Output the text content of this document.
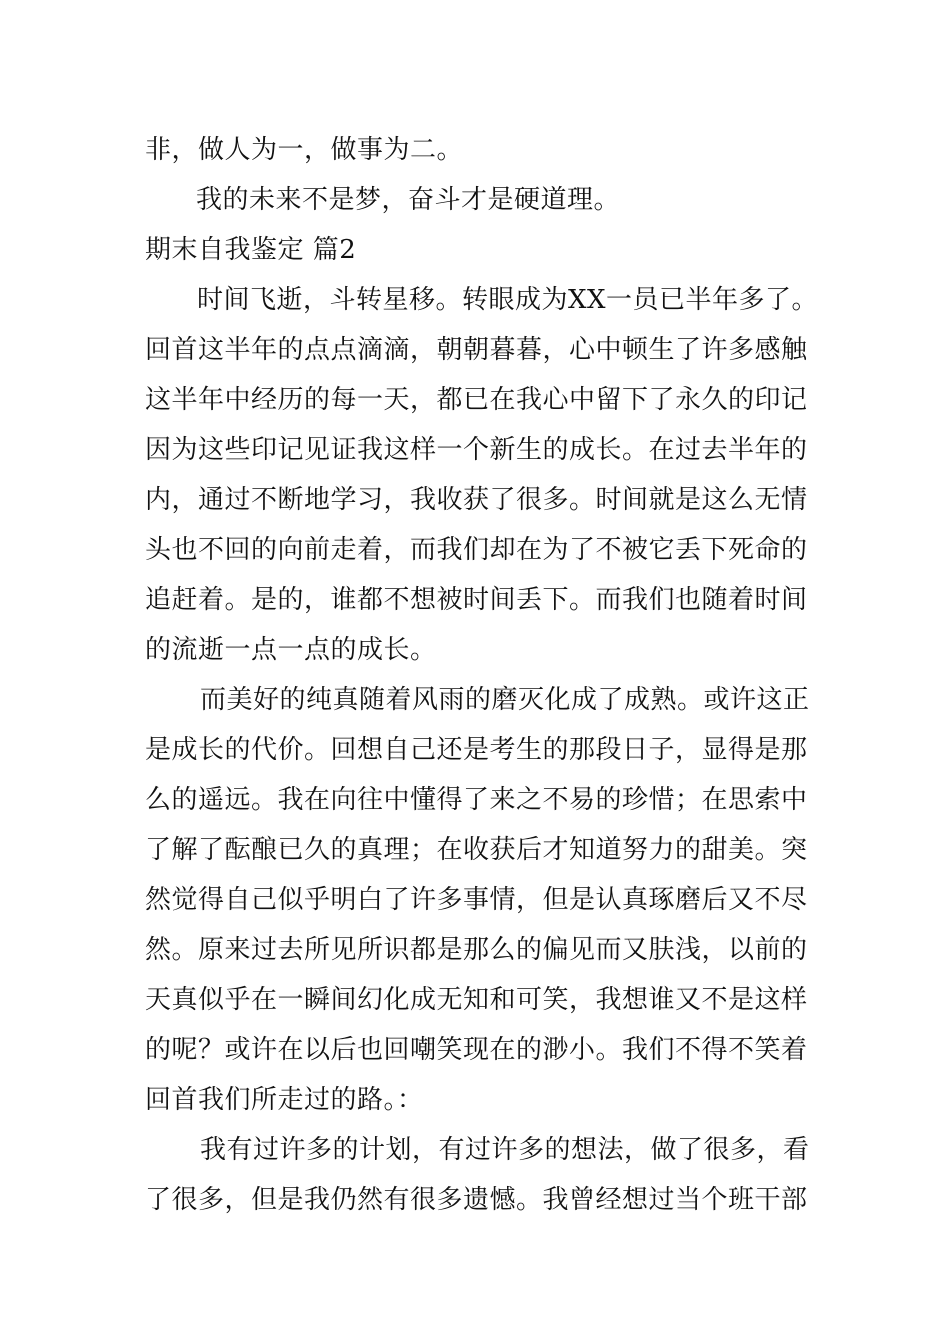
非，做人为一，做事为二。
我的未来不是梦，奋斗才是硬道理。
期末自我鉴定 篇2
时间飞逝，斗转星移。转眼成为XX一员已半年多了。
回首这半年的点点滴滴，朝朝暮暮，心中顿生了许多感触
这半年中经历的每一天，都已在我心中留下了永久的印记
因为这些印记见证我这样一个新生的成长。在过去半年的
内，通过不断地学习，我收获了很多。时间就是这么无情
头也不回的向前走着，而我们却在为了不被它丢下死命的
追赶着。是的，谁都不想被时间丢下。而我们也随着时间
的流逝一点一点的成长。
而美好的纯真随着风雨的磨灭化成了成熟。或许这正
是成长的代价。回想自己还是考生的那段日子，显得是那
么的遥远。我在向往中懂得了来之不易的珍惜；在思索中
了解了酝酿已久的真理；在收获后才知道努力的甜美。突
然觉得自己似乎明白了许多事情，但是认真琢磨后又不尽
然。原来过去所见所识都是那么的偏见而又肤浅，以前的
天真似乎在一瞬间幻化成无知和可笑，我想谁又不是这样
的呢？或许在以后也回嘲笑现在的渺小。我们不得不笑着
回首我们所走过的路。：
我有过许多的计划，有过许多的想法，做了很多，看
了很多，但是我仍然有很多遗憾。我曾经想过当个班干部
